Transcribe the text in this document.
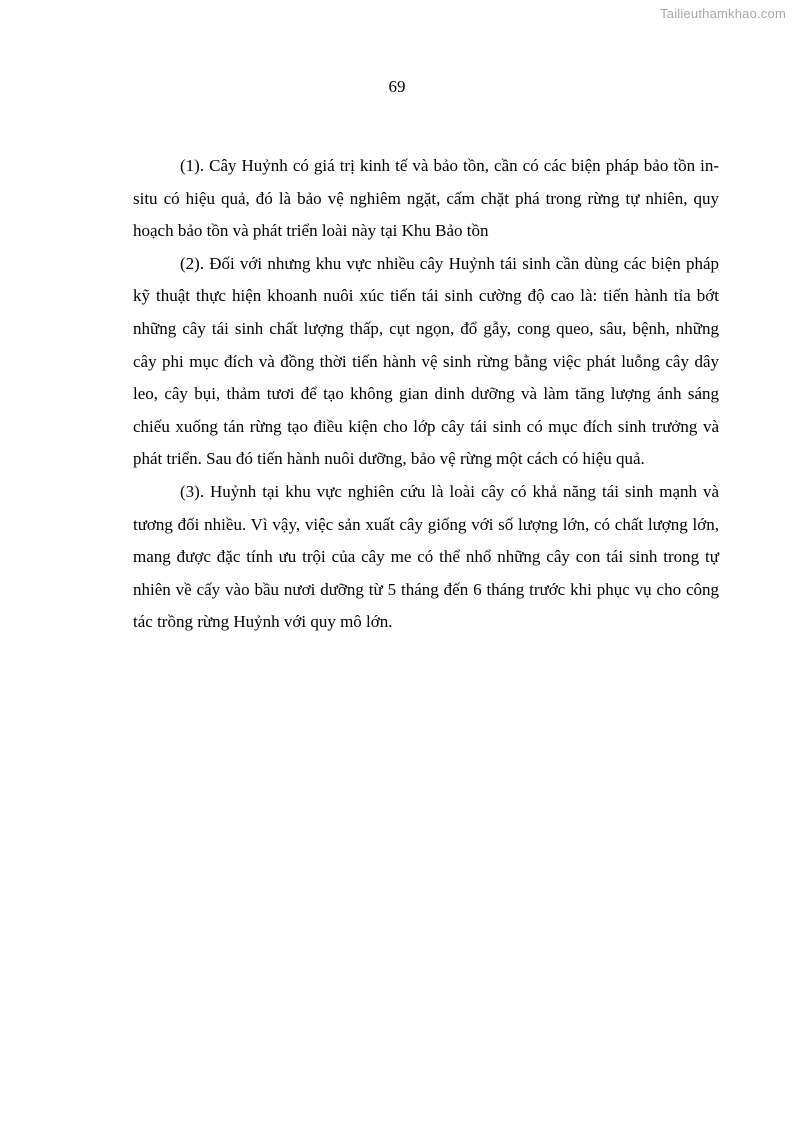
Tailieuthamkhao.com
69

(1). Cây Huỷnh có giá trị kinh tế và bảo tồn, cần có các biện pháp bảo tồn in-situ có hiệu quả, đó là bảo vệ nghiêm ngặt, cấm chặt phá trong rừng tự nhiên, quy hoạch bảo tồn và phát triển loài này tại Khu Bảo tồn

(2). Đối với nhưng khu vực nhiều cây Huỷnh tái sinh cần dùng các biện pháp kỹ thuật thực hiện khoanh nuôi xúc tiến tái sinh cường độ cao là: tiến hành tỉa bớt những cây tái sinh chất lượng thấp, cụt ngọn, đổ gẫy, cong queo, sâu, bệnh, những cây phi mục đích và đồng thời tiến hành vệ sinh rừng bằng việc phát luỗng cây dây leo, cây bụi, thảm tươi để tạo không gian dinh dưỡng và làm tăng lượng ánh sáng chiếu xuống tán rừng tạo điều kiện cho lớp cây tái sinh có mục đích sinh trưởng và phát triển. Sau đó tiến hành nuôi dưỡng, bảo vệ rừng một cách có hiệu quả.

(3). Huỷnh tại khu vực nghiên cứu là loài cây có khả năng tái sinh mạnh và tương đối nhiều. Vì vậy, việc sản xuất cây giống với số lượng lớn, có chất lượng lớn, mang được đặc tính ưu trội của cây me có thể nhổ những cây con tái sinh trong tự nhiên về cấy vào bầu nươi dưỡng từ 5 tháng đến 6 tháng trước khi phục vụ cho công tác trồng rừng Huỷnh với quy mô lớn.
